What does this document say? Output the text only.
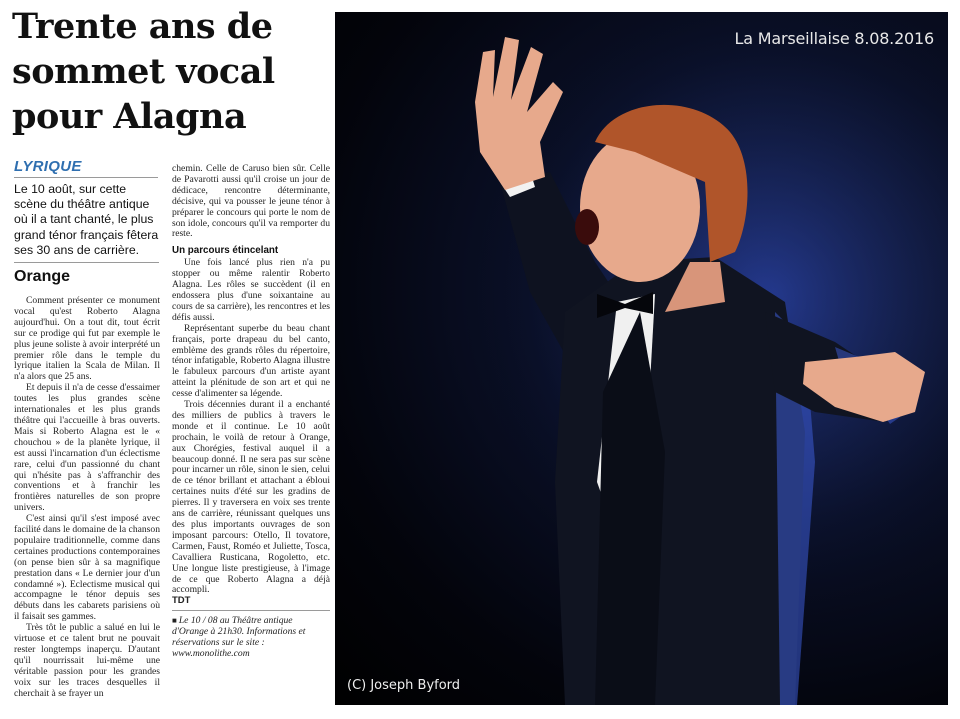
Trente ans de sommet vocal pour Alagna
LYRIQUE

Le 10 août, sur cette scène du théâtre antique où il a tant chanté, le plus grand ténor français fêtera ses 30 ans de carrière.

Orange

Comment présenter ce monument vocal qu'est Roberto Alagna aujourd'hui. On a tout dit, tout écrit sur ce prodige qui fut par exemple le plus jeune soliste à avoir interprété un premier rôle dans le temple du lyrique italien la Scala de Milan. Il n'a alors que 25 ans.

Et depuis il n'a de cesse d'essaimer toutes les plus grandes scène internationales et les plus grands théâtre qui l'accueille à bras ouverts. Mais si Roberto Alagna est le « chouchou » de la planète lyrique, il est aussi l'incarnation d'un éclectisme rare, celui d'un passionné du chant qui n'hésite pas à s'affranchir des conventions et à franchir les frontières naturelles de son propre univers.

C'est ainsi qu'il s'est imposé avec facilité dans le domaine de la chanson populaire traditionnelle, comme dans certaines productions contemporaines (on pense bien sûr à sa magnifique prestation dans « Le dernier jour d'un condamné »). Eclectisme musical qui accompagne le ténor depuis ses débuts dans les cabarets parisiens où il faisait ses gammes.

Très tôt le public a salué en lui le virtuose et ce talent brut ne pouvait rester longtemps inaperçu. D'autant qu'il nourrissait lui-même une véritable passion pour les grandes voix sur les traces desquelles il cherchait à se frayer un

chemin. Celle de Caruso bien sûr. Celle de Pavarotti aussi qu'il croise un jour de dédicace, rencontre déterminante, décisive, qui va pousser le jeune ténor à préparer le concours qui porte le nom de son idole, concours qu'il va remporter du reste.

Un parcours étincelant

Une fois lancé plus rien n'a pu stopper ou même ralentir Roberto Alagna. Les rôles se succèdent (il en endossera plus d'une soixantaine au cours de sa carrière), les rencontres et les défis aussi.

Représentant superbe du beau chant français, porte drapeau du bel canto, emblème des grands rôles du répertoire, ténor infatigable, Roberto Alagna illustre le fabuleux parcours d'un artiste ayant atteint la plénitude de son art et qui ne cesse d'alimenter sa légende.

Trois décennies durant il a enchanté des milliers de publics à travers le monde et il continue. Le 10 août prochain, le voilà de retour à Orange, aux Chorégies, festival auquel il a beaucoup donné. Il ne sera pas sur scène pour incarner un rôle, sinon le sien, celui de ce ténor brillant et attachant a ébloui certaines nuits d'été sur les gradins de pierres. Il y traversera en voix ses trente ans de carrière, réunissant quelques uns des plus importants ouvrages de son imposant parcours: Otello, Il tovatore, Carmen, Faust, Roméo et Juliette, Tosca, Cavalliera Rusticana, Rogoletto, etc. Une longue liste prestigieuse, à l'image de ce que Roberto Alagna a déjà accompli.

TDT

■ Le 10 / 08 au Théâtre antique d'Orange à 21h30. Informations et réservations sur le site : www.monolithe.com

La Marseillaise 8.08.2016
(C) Joseph Byford
